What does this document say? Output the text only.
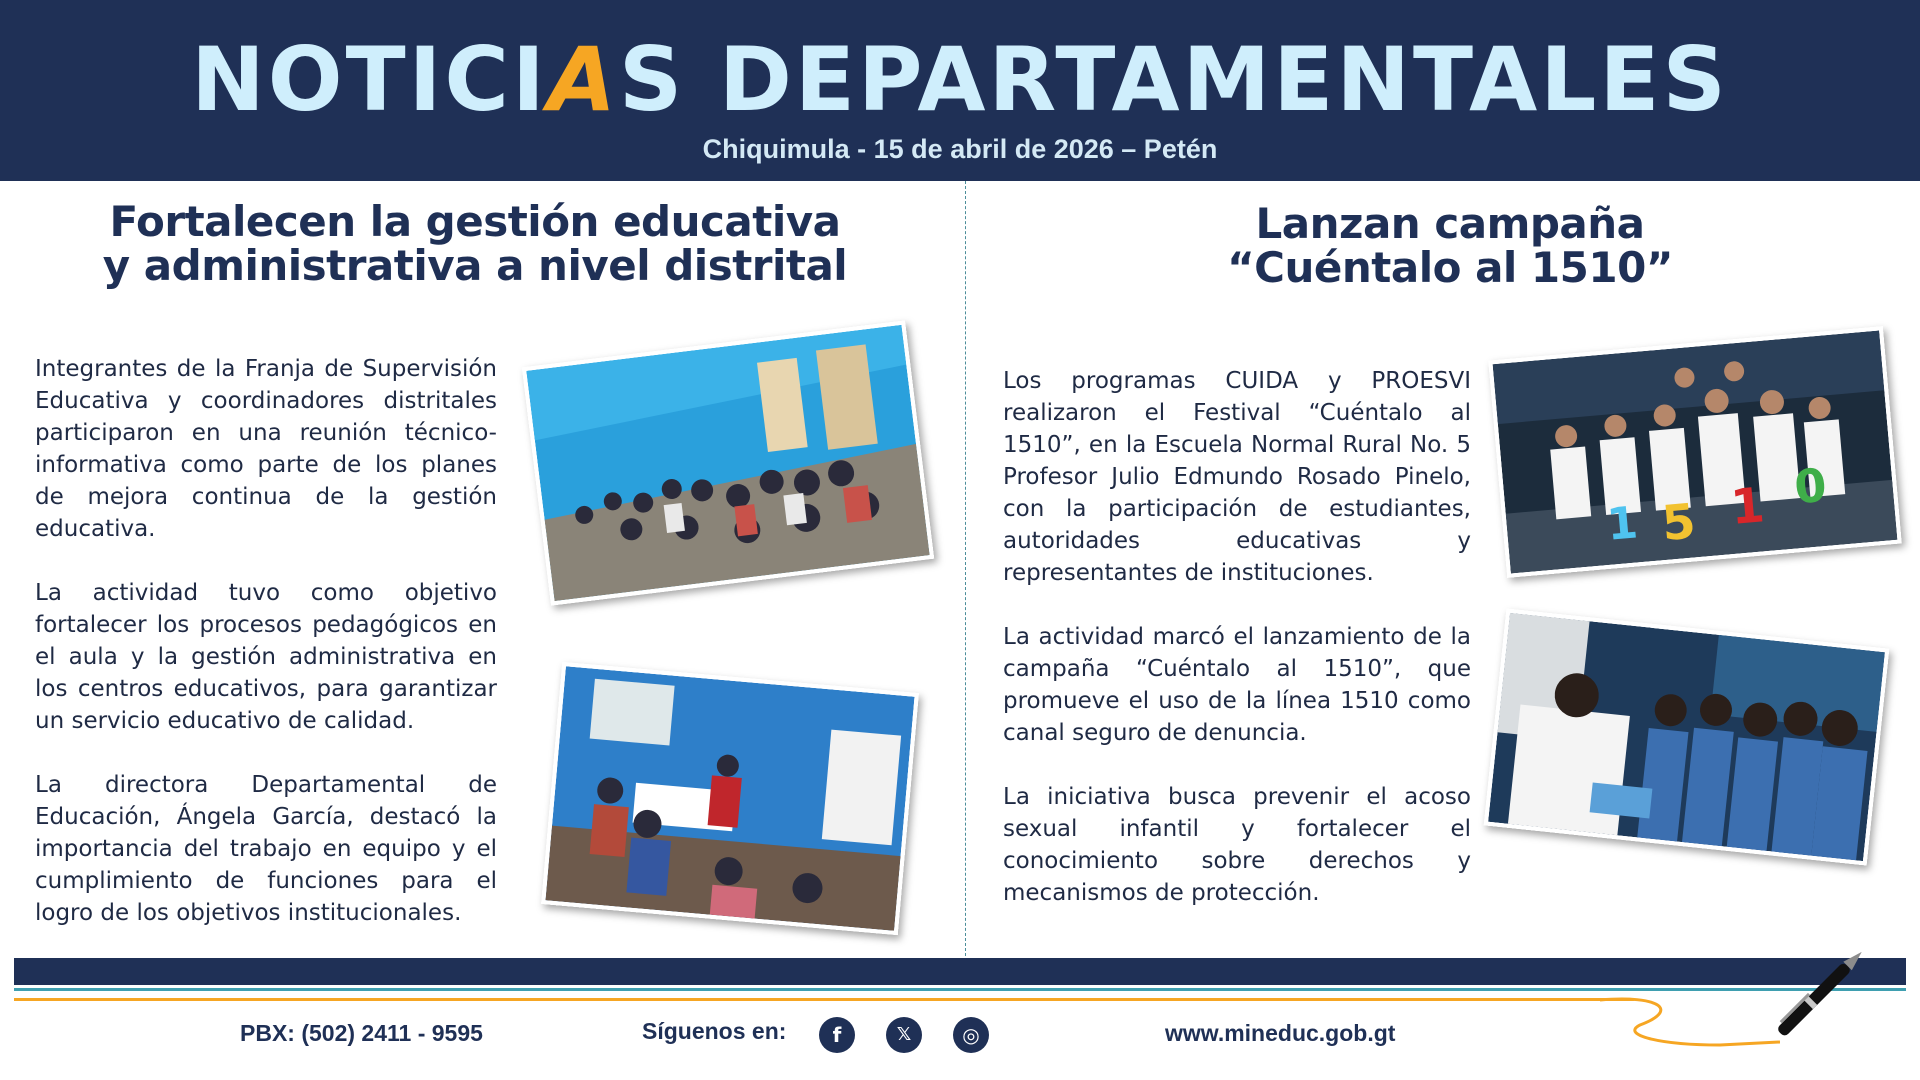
NOTICIAS DEPARTAMENTALES
Chiquimula - 15 de abril de 2026 – Petén
Fortalecen la gestión educativa
y administrativa a nivel distrital

Integrantes de la Franja de Supervisión Educativa y coordinadores distritales participaron en una reunión técnico-informativa como parte de los planes de mejora continua de la gestión educativa.

La actividad tuvo como objetivo fortalecer los procesos pedagógicos en el aula y la gestión administrativa en los centros educativos, para garantizar un servicio educativo de calidad.

La directora Departamental de Educación, Ángela García, destacó la importancia del trabajo en equipo y el cumplimiento de funciones para el logro de los objetivos institucionales.

Lanzan campaña
“Cuéntalo al 1510”

Los programas CUIDA y PROESVI realizaron el Festival “Cuéntalo al 1510”, en la Escuela Normal Rural No. 5 Profesor Julio Edmundo Rosado Pinelo, con la participación de estudiantes, autoridades educativas y representantes de instituciones.

La actividad marcó el lanzamiento de la campaña “Cuéntalo al 1510”, que promueve el uso de la línea 1510 como canal seguro de denuncia.

La iniciativa busca prevenir el acoso sexual infantil y fortalecer el conocimiento sobre derechos y mecanismos de protección.

1 5 1 0
PBX: (502) 2411 - 9595	Síguenos en:	f	𝕏	◎	www.mineduc.gob.gt
